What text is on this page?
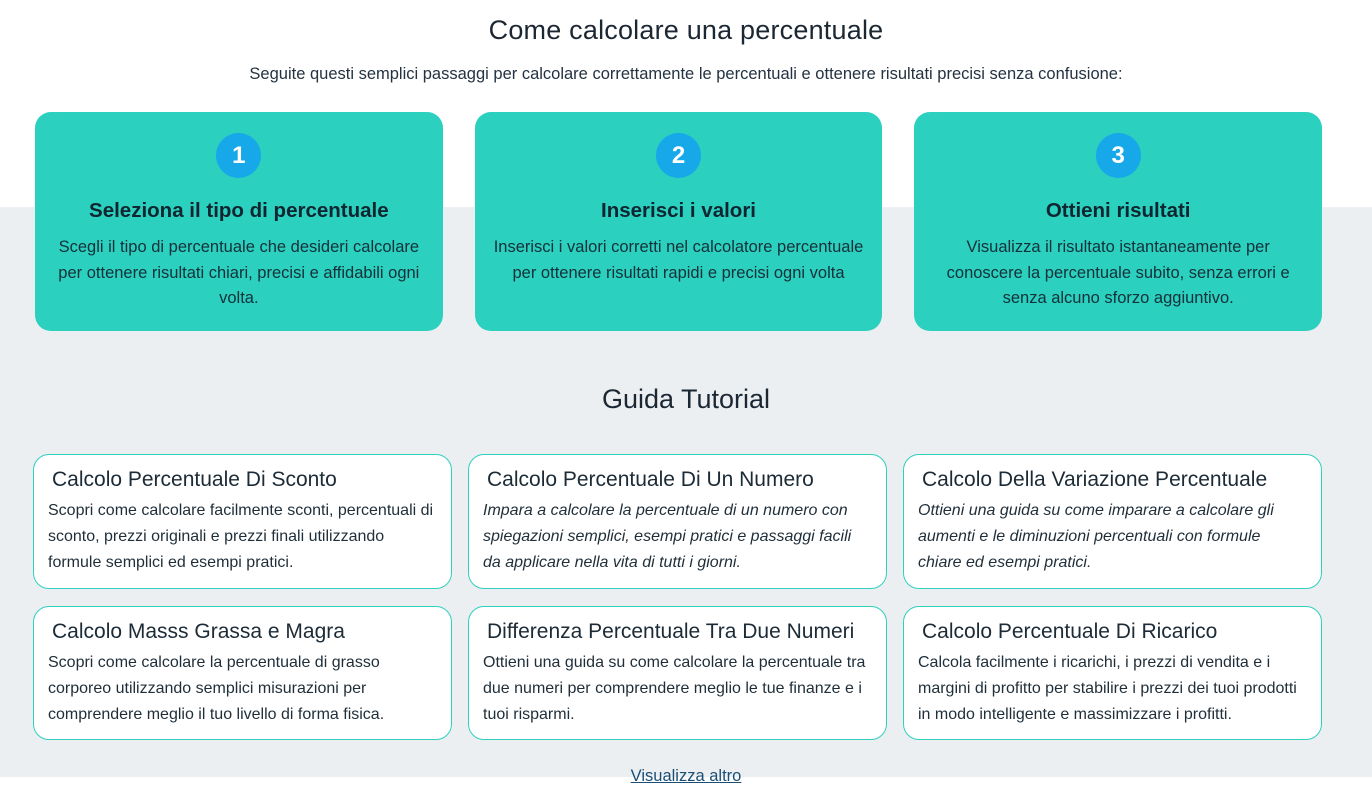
Come calcolare una percentuale

Seguite questi semplici passaggi per calcolare correttamente le percentuali e ottenere risultati precisi senza confusione:

1
Seleziona il tipo di percentuale

Scegli il tipo di percentuale che desideri calcolare per ottenere risultati chiari, precisi e affidabili ogni volta.

2
Inserisci i valori

Inserisci i valori corretti nel calcolatore percentuale per ottenere risultati rapidi e precisi ogni volta

3
Ottieni risultati

Visualizza il risultato istantaneamente per conoscere la percentuale subito, senza errori e senza alcuno sforzo aggiuntivo.

Guida Tutorial
Calcolo Percentuale Di Sconto

Scopri come calcolare facilmente sconti, percentuali di sconto, prezzi originali e prezzi finali utilizzando formule semplici ed esempi pratici.

Calcolo Percentuale Di Un Numero

Impara a calcolare la percentuale di un numero con spiegazioni semplici, esempi pratici e passaggi facili da applicare nella vita di tutti i giorni.

Calcolo Della Variazione Percentuale

Ottieni una guida su come imparare a calcolare gli aumenti e le diminuzioni percentuali con formule chiare ed esempi pratici.

Calcolo Masss Grassa e Magra

Scopri come calcolare la percentuale di grasso corporeo utilizzando semplici misurazioni per comprendere meglio il tuo livello di forma fisica.

Differenza Percentuale Tra Due Numeri

Ottieni una guida su come calcolare la percentuale tra due numeri per comprendere meglio le tue finanze e i tuoi risparmi.

Calcolo Percentuale Di Ricarico

Calcola facilmente i ricarichi, i prezzi di vendita e i margini di profitto per stabilire i prezzi dei tuoi prodotti in modo intelligente e massimizzare i profitti.

Visualizza altro
